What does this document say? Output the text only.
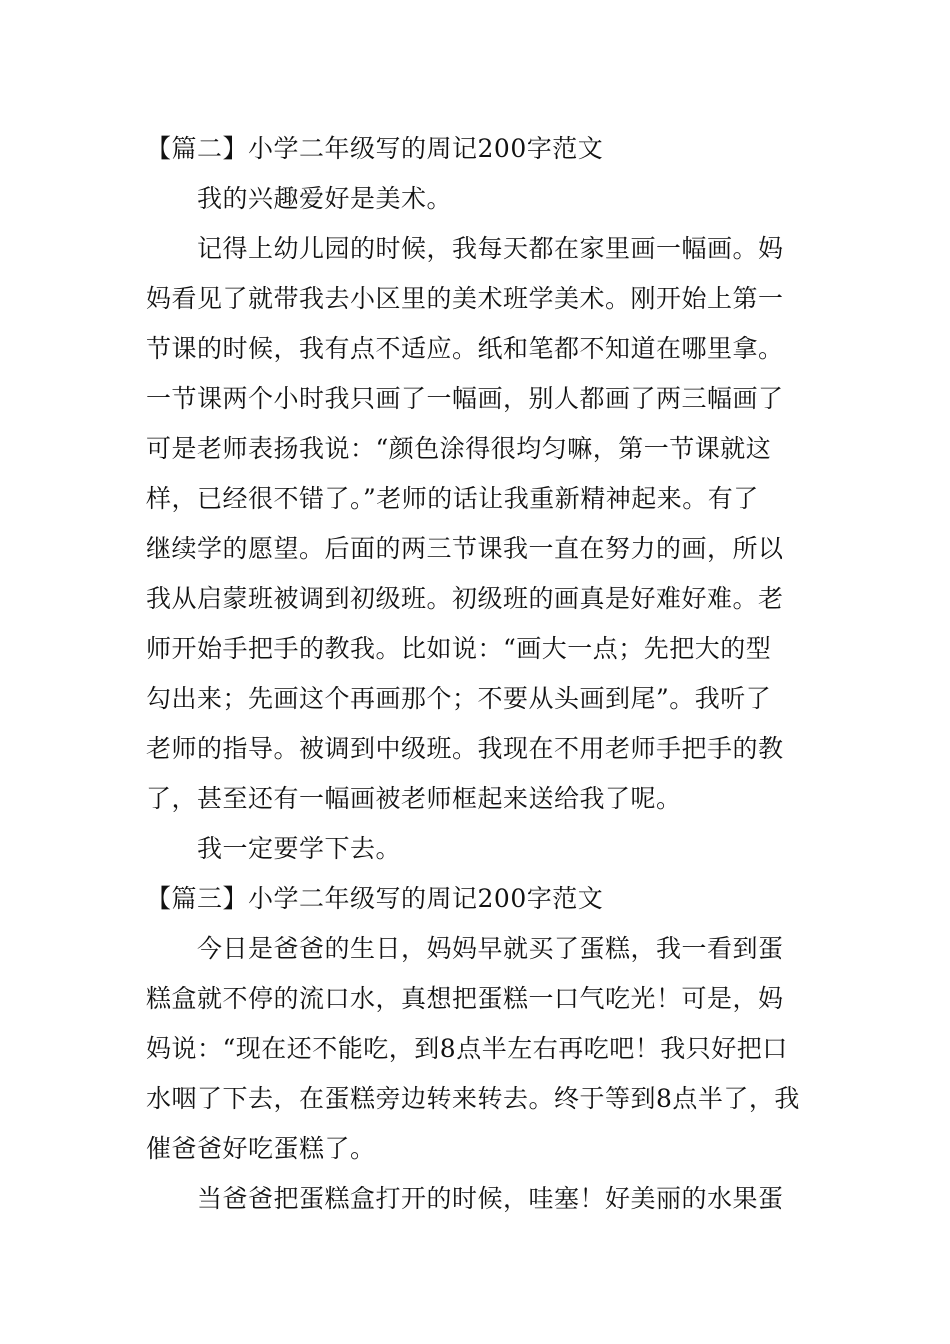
【篇二】小学二年级写的周记200字范文
我的兴趣爱好是美术。
记得上幼儿园的时候，我每天都在家里画一幅画。妈
妈看见了就带我去小区里的美术班学美术。刚开始上第一
节课的时候，我有点不适应。纸和笔都不知道在哪里拿。
一节课两个小时我只画了一幅画，别人都画了两三幅画了
可是老师表扬我说：“颜色涂得很均匀嘛，第一节课就这
样，已经很不错了。”老师的话让我重新精神起来。有了
继续学的愿望。后面的两三节课我一直在努力的画，所以
我从启蒙班被调到初级班。初级班的画真是好难好难。老
师开始手把手的教我。比如说：“画大一点；先把大的型
勾出来；先画这个再画那个；不要从头画到尾”。我听了
老师的指导。被调到中级班。我现在不用老师手把手的教
了，甚至还有一幅画被老师框起来送给我了呢。
我一定要学下去。
【篇三】小学二年级写的周记200字范文
今日是爸爸的生日，妈妈早就买了蛋糕，我一看到蛋
糕盒就不停的流口水，真想把蛋糕一口气吃光！可是，妈
妈说：“现在还不能吃，到8点半左右再吃吧！我只好把口
水咽了下去，在蛋糕旁边转来转去。终于等到8点半了，我
催爸爸好吃蛋糕了。
当爸爸把蛋糕盒打开的时候，哇塞！好美丽的水果蛋
